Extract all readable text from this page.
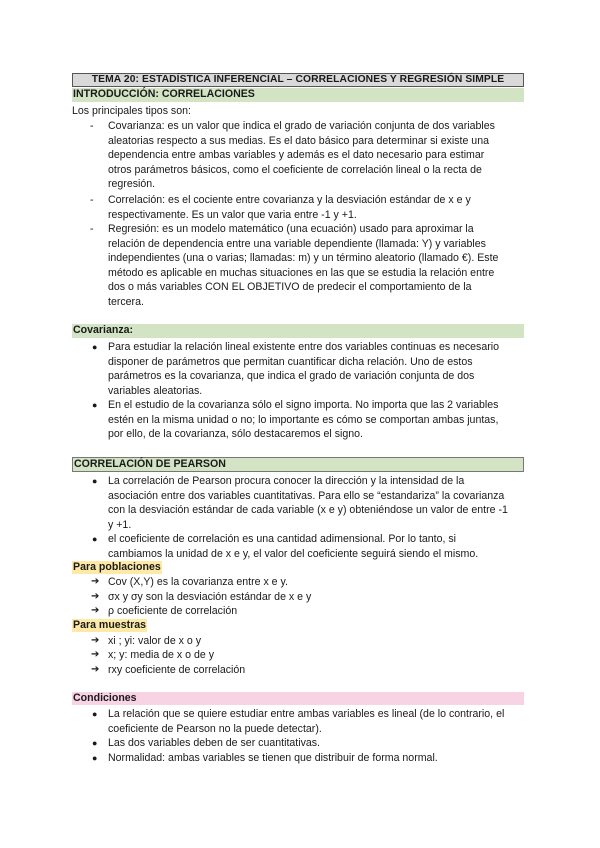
TEMA 20: ESTADÍSTICA INFERENCIAL – CORRELACIONES Y REGRESIÓN SIMPLE
INTRODUCCIÓN: CORRELACIONES
Los principales tipos son:
- Covarianza: es un valor que indica el grado de variación conjunta de dos variables
aleatorias respecto a sus medias. Es el dato básico para determinar si existe una
dependencia entre ambas variables y además es el dato necesario para estimar
otros parámetros básicos, como el coeficiente de correlación lineal o la recta de
regresión.
- Correlación: es el cociente entre covarianza y la desviación estándar de x e y
respectivamente. Es un valor que varia entre -1 y +1.
- Regresión: es un modelo matemático (una ecuación) usado para aproximar la
relación de dependencia entre una variable dependiente (llamada: Y) y variables
independientes (una o varias; llamadas: m) y un término aleatorio (llamado €). Este
método es aplicable en muchas situaciones en las que se estudia la relación entre
dos o más variables CON EL OBJETIVO de predecir el comportamiento de la
tercera.
Covarianza:
● Para estudiar la relación lineal existente entre dos variables continuas es necesario
disponer de parámetros que permitan cuantificar dicha relación. Uno de estos
parámetros es la covarianza, que indica el grado de variación conjunta de dos
variables aleatorias.
● En el estudio de la covarianza sólo el signo importa. No importa que las 2 variables
estén en la misma unidad o no; lo importante es cómo se comportan ambas juntas,
por ello, de la covarianza, sólo destacaremos el signo.
CORRELACIÓN DE PEARSON
● La correlación de Pearson procura conocer la dirección y la intensidad de la
asociación entre dos variables cuantitativas. Para ello se “estandariza” la covarianza
con la desviación estándar de cada variable (x e y) obteniéndose un valor de entre -1
y +1.
● el coeficiente de correlación es una cantidad adimensional. Por lo tanto, si
cambiamos la unidad de x e y, el valor del coeficiente seguirá siendo el mismo.
Para poblaciones
➔ Cov (X,Y) es la covarianza entre x e y.
➔ σx y σy son la desviación estándar de x e y
➔ ρ coeficiente de correlación
Para muestras
➔ xi ; yi: valor de x o y
➔ x; y: media de x o de y
➔ rxy coeficiente de correlación
Condiciones
● La relación que se quiere estudiar entre ambas variables es lineal (de lo contrario, el
coeficiente de Pearson no la puede detectar).
● Las dos variables deben de ser cuantitativas.
● Normalidad: ambas variables se tienen que distribuir de forma normal.
